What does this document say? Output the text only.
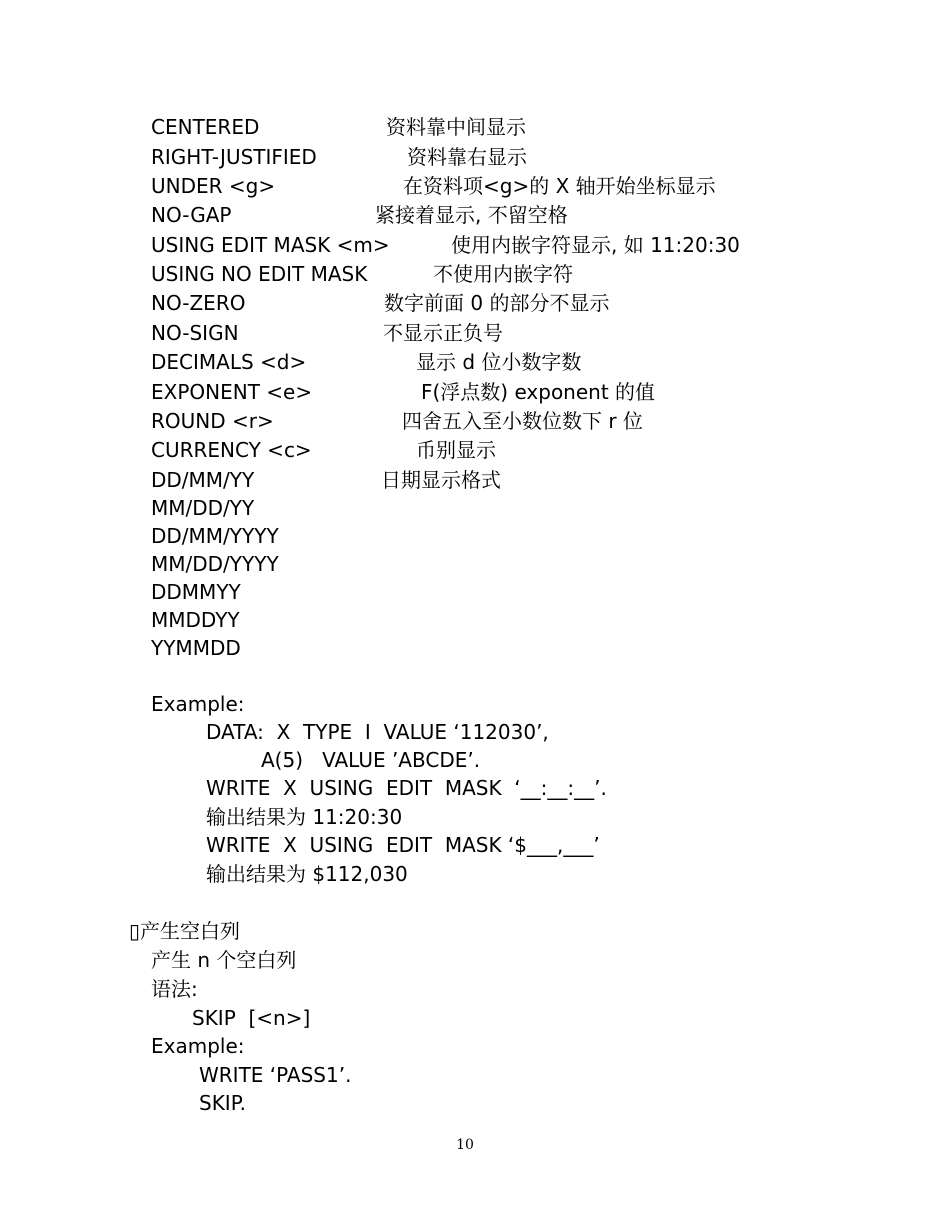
CENTERED	资料靠中间显示
RIGHT-JUSTIFIED	资料靠右显示
UNDER <g>	在资料项<g>的 X 轴开始坐标显示
NO-GAP	紧接着显示, 不留空格
USING EDIT MASK <m>	使用内嵌字符显示, 如 11:20:30
USING NO EDIT MASK	不使用内嵌字符
NO-ZERO	数字前面 0 的部分不显示
NO-SIGN	不显示正负号
DECIMALS <d>	显示 d 位小数字数
EXPONENT <e>	F(浮点数) exponent 的值
ROUND <r>	四舍五入至小数位数下 r 位
CURRENCY <c>	币别显示
DD/MM/YY	日期显示格式
MM/DD/YY
DD/MM/YYYY
MM/DD/YYYY
DDMMYY
MMDDYY
YYMMDD
Example:
DATA:  X  TYPE  I  VALUE ‘112030’,
A(5)   VALUE ’ABCDE’.
WRITE  X  USING  EDIT  MASK  ‘__:__:__’.
输出结果为 11:20:30
WRITE  X  USING  EDIT  MASK ‘$___,___’
输出结果为 $112,030
▯产生空白列
产生 n 个空白列
语法:
SKIP  [<n>]
Example:
WRITE ‘PASS1’.
SKIP.
10
